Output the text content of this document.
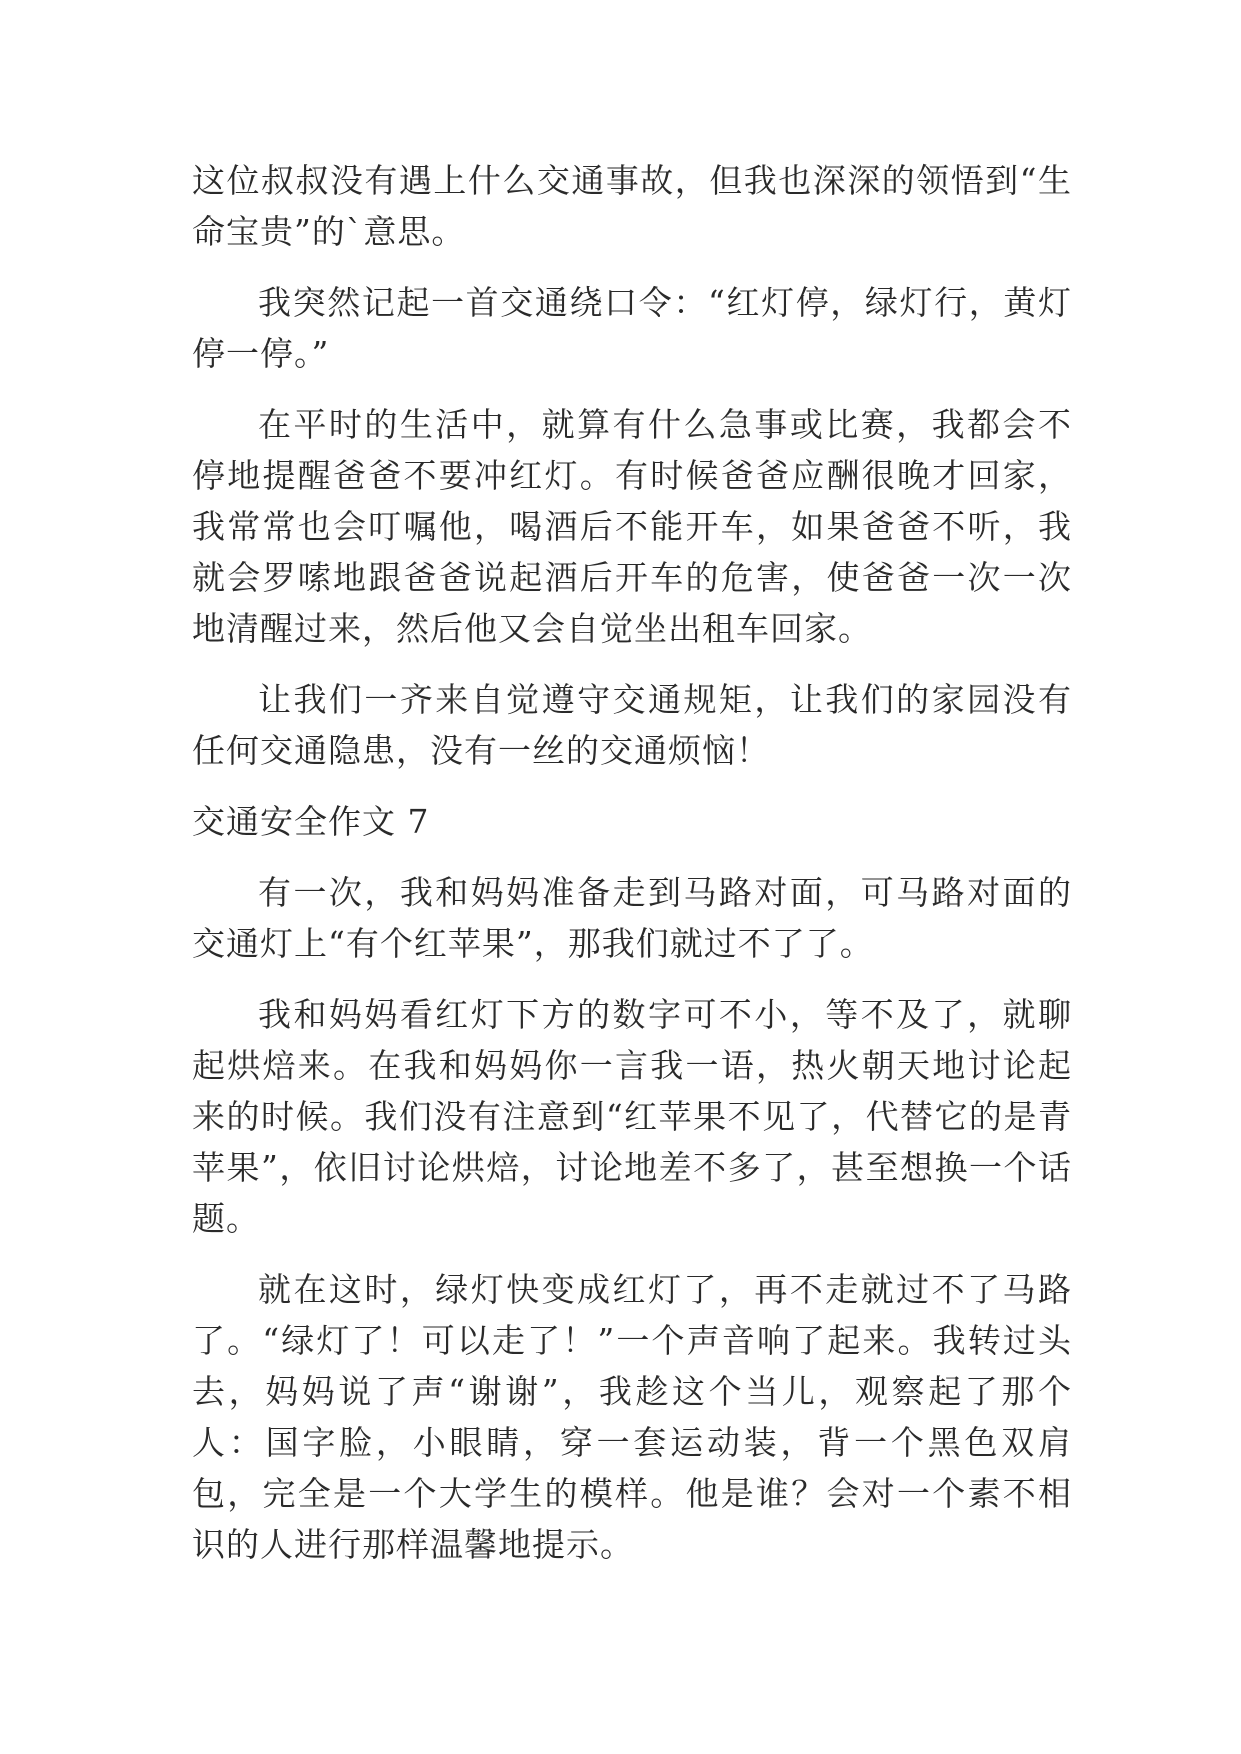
这位叔叔没有遇上什么交通事故，但我也深深的领悟到“生命宝贵”的`意思。

我突然记起一首交通绕口令：“红灯停，绿灯行，黄灯停一停。”

在平时的生活中，就算有什么急事或比赛，我都会不停地提醒爸爸不要冲红灯。有时候爸爸应酬很晚才回家，我常常也会叮嘱他，喝酒后不能开车，如果爸爸不听，我就会罗嗦地跟爸爸说起酒后开车的危害，使爸爸一次一次地清醒过来，然后他又会自觉坐出租车回家。

让我们一齐来自觉遵守交通规矩，让我们的家园没有任何交通隐患，没有一丝的交通烦恼！

交通安全作文 7

有一次，我和妈妈准备走到马路对面，可马路对面的交通灯上“有个红苹果”，那我们就过不了了。

我和妈妈看红灯下方的数字可不小，等不及了，就聊起烘焙来。在我和妈妈你一言我一语，热火朝天地讨论起来的时候。我们没有注意到“红苹果不见了，代替它的是青苹果”，依旧讨论烘焙，讨论地差不多了，甚至想换一个话题。

就在这时，绿灯快变成红灯了，再不走就过不了马路了。“绿灯了！可以走了！”一个声音响了起来。我转过头去，妈妈说了声“谢谢”，我趁这个当儿，观察起了那个人：国字脸，小眼睛，穿一套运动装，背一个黑色双肩包，完全是一个大学生的模样。他是谁？会对一个素不相识的人进行那样温馨地提示。
